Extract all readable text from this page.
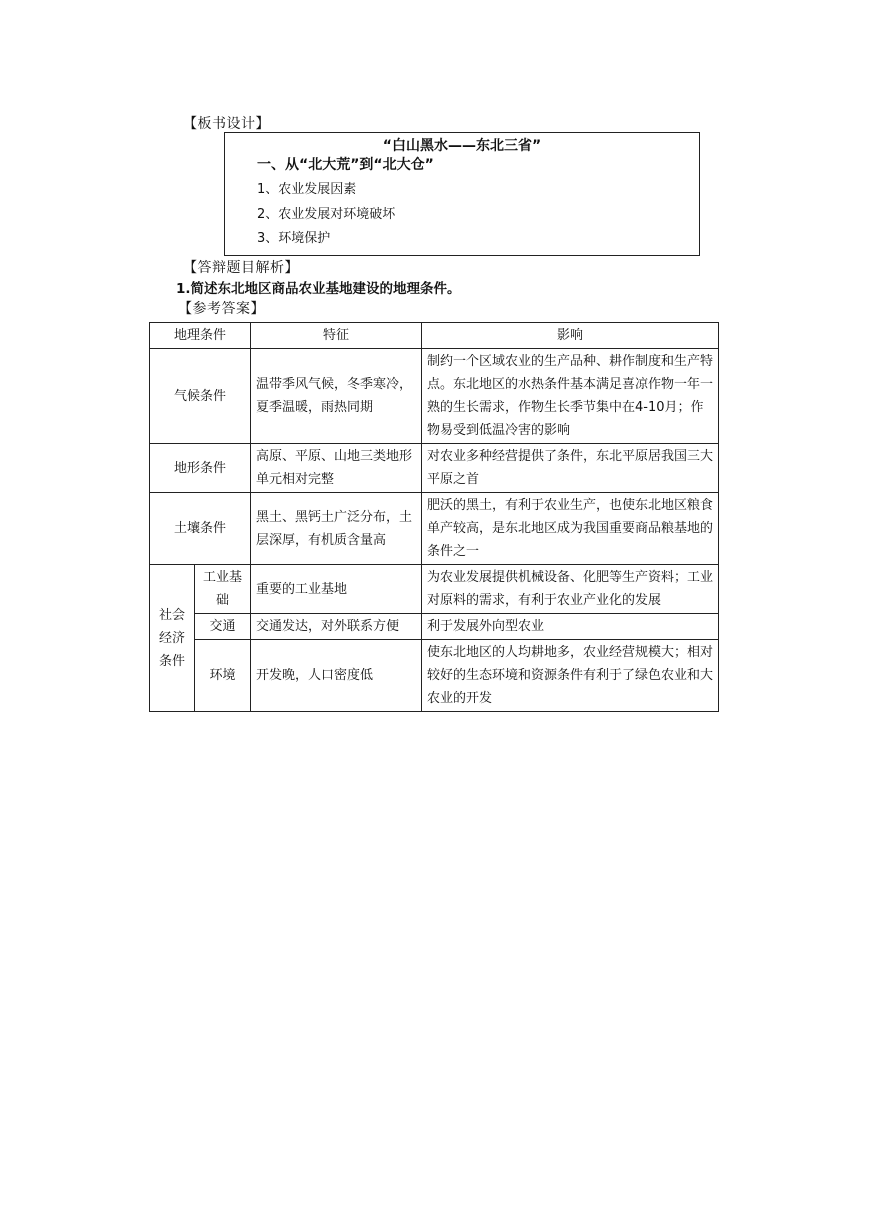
【板书设计】
“白山黑水——东北三省”
一、从“北大荒”到“北大仓”
1、农业发展因素
2、农业发展对环境破坏
3、环境保护
【答辩题目解析】
1.简述东北地区商品农业基地建设的地理条件。
【参考答案】
地理条件		特征	影响
气候条件		温带季风气候，冬季寒冷，夏季温暖，雨热同期	制约一个区域农业的生产品种、耕作制度和生产特点。东北地区的水热条件基本满足喜凉作物一年一熟的生长需求，作物生长季节集中在4-10月；作物易受到低温冷害的影响
地形条件		高原、平原、山地三类地形单元相对完整	对农业多种经营提供了条件，东北平原居我国三大平原之首
土壤条件		黑土、黑钙土广泛分布，土层深厚，有机质含量高	肥沃的黑土，有利于农业生产，也使东北地区粮食单产较高，是东北地区成为我国重要商品粮基地的条件之一
社会经济条件	工业基础	重要的工业基地	为农业发展提供机械设备、化肥等生产资料；工业对原料的需求，有利于农业产业化的发展
	交通	交通发达，对外联系方便	利于发展外向型农业
	环境	开发晚，人口密度低	使东北地区的人均耕地多，农业经营规模大；相对较好的生态环境和资源条件有利于了绿色农业和大农业的开发
